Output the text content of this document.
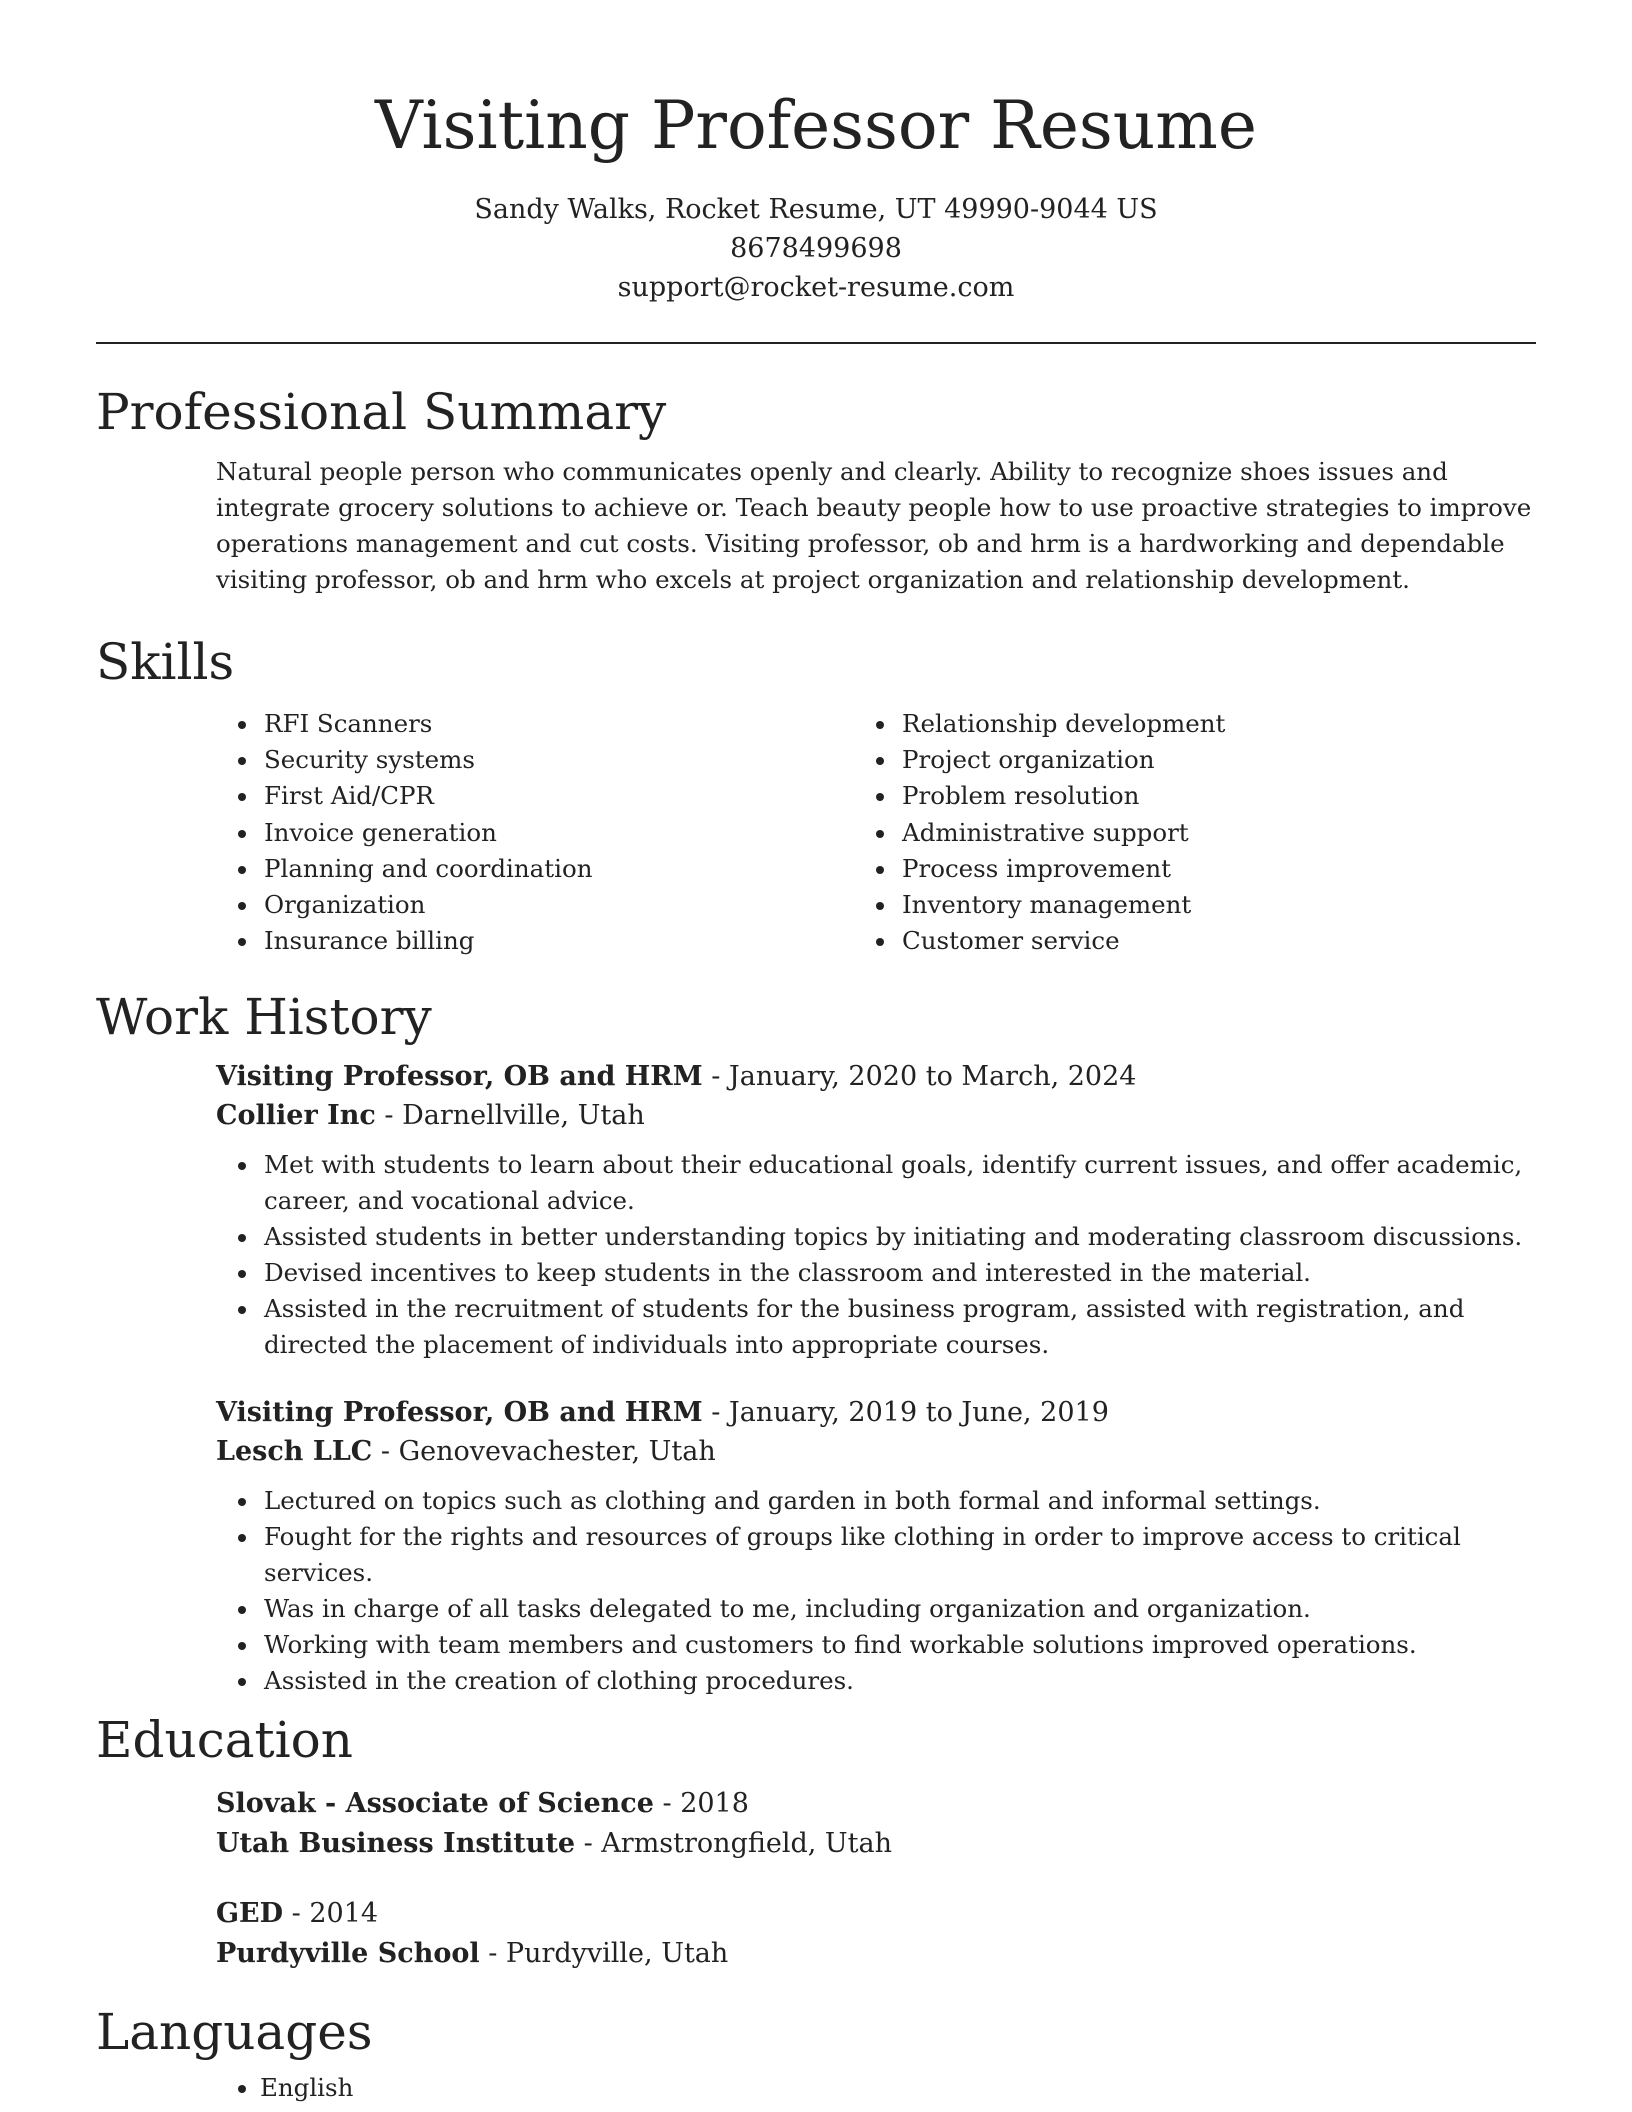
Visiting Professor Resume
Sandy Walks, Rocket Resume, UT 49990-9044 US
8678499698
support@rocket-resume.com
Professional Summary

Natural people person who communicates openly and clearly. Ability to recognize shoes issues and integrate grocery solutions to achieve or. Teach beauty people how to use proactive strategies to improve operations management and cut costs. Visiting professor, ob and hrm is a hardworking and dependable visiting professor, ob and hrm who excels at project organization and relationship development.

Skills
• RFI Scanners
• Security systems
• First Aid/CPR
• Invoice generation
• Planning and coordination
• Organization
• Insurance billing
• Relationship development
• Project organization
• Problem resolution
• Administrative support
• Process improvement
• Inventory management
• Customer service
Work History
Visiting Professor, OB and HRM - January, 2020 to March, 2024
Collier Inc - Darnellville, Utah
• Met with students to learn about their educational goals, identify current issues, and offer academic, career, and vocational advice.
• Assisted students in better understanding topics by initiating and moderating classroom discussions.
• Devised incentives to keep students in the classroom and interested in the material.
• Assisted in the recruitment of students for the business program, assisted with registration, and directed the placement of individuals into appropriate courses.
Visiting Professor, OB and HRM - January, 2019 to June, 2019
Lesch LLC - Genovevachester, Utah
• Lectured on topics such as clothing and garden in both formal and informal settings.
• Fought for the rights and resources of groups like clothing in order to improve access to critical services.
• Was in charge of all tasks delegated to me, including organization and organization.
• Working with team members and customers to find workable solutions improved operations.
• Assisted in the creation of clothing procedures.
Education
Slovak - Associate of Science - 2018
Utah Business Institute - Armstrongfield, Utah
GED - 2014
Purdyville School - Purdyville, Utah
Languages
• English
